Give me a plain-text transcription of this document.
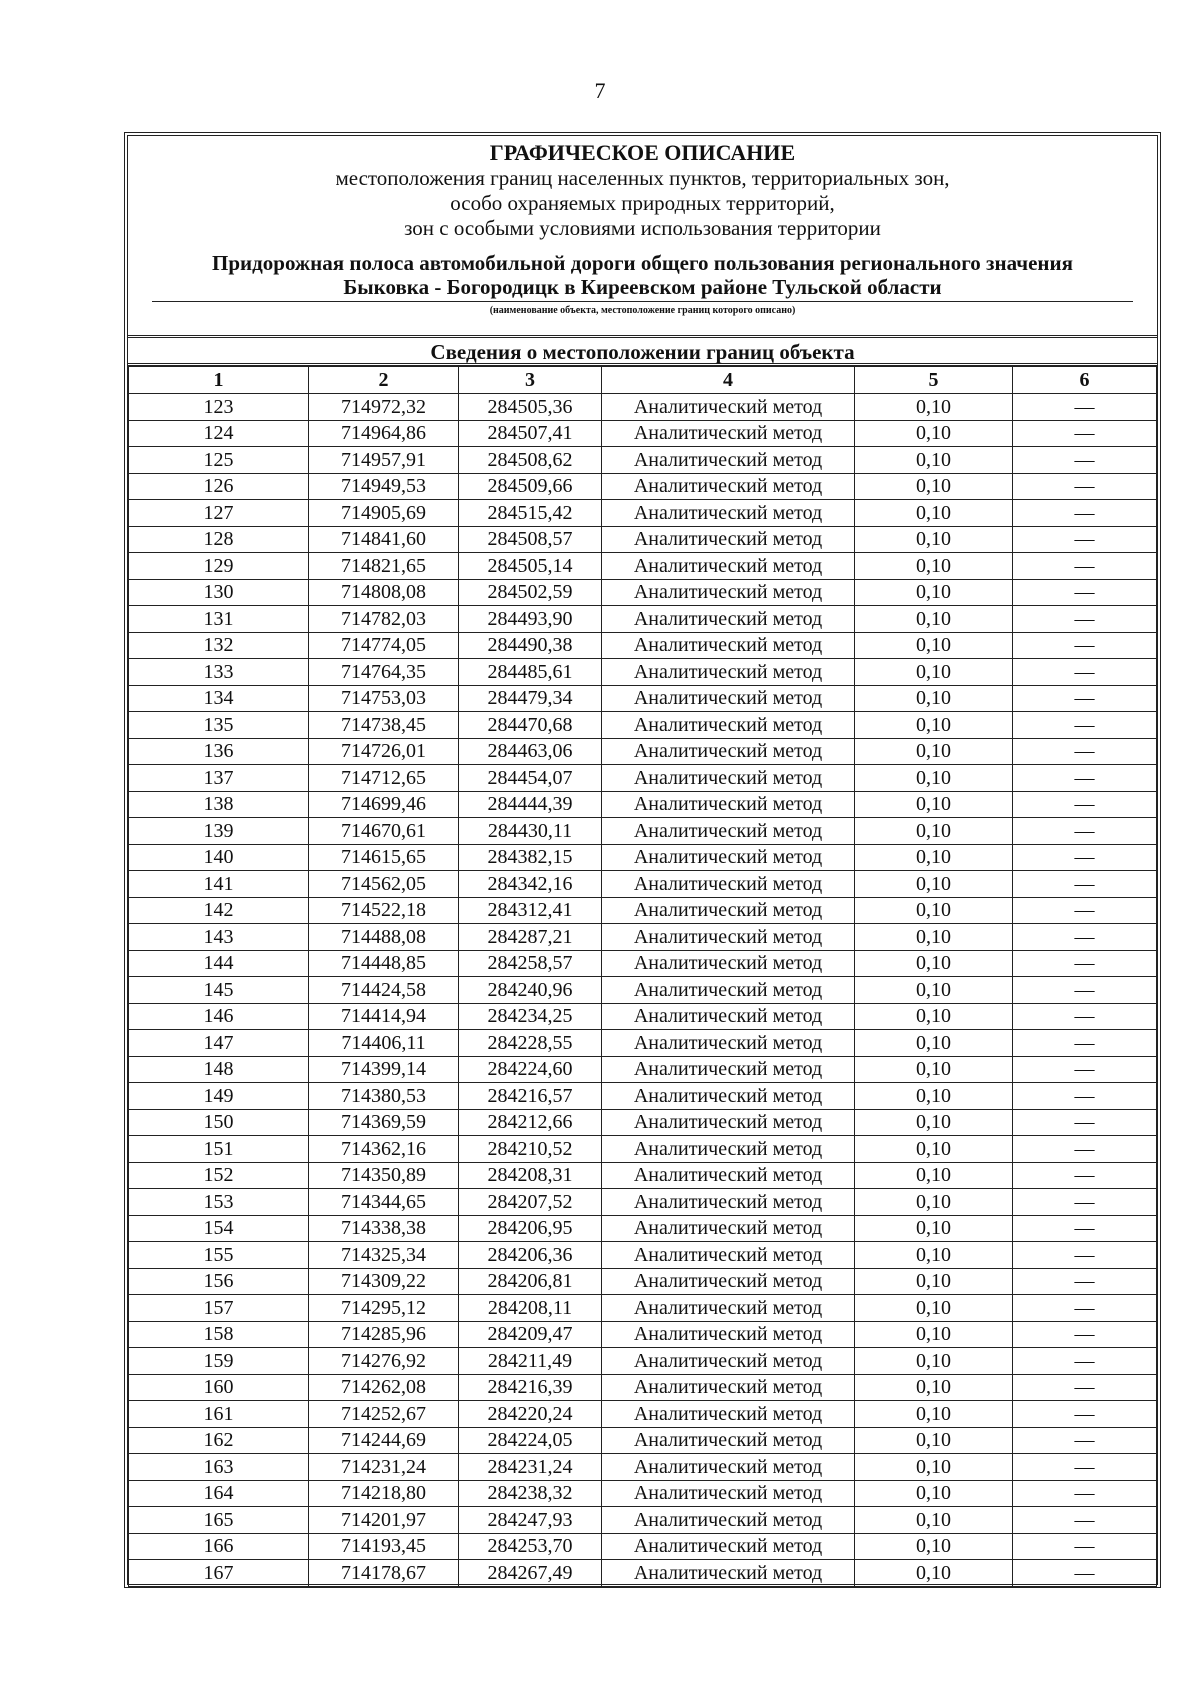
7
ГРАФИЧЕСКОЕ ОПИСАНИЕ
местоположения границ населенных пунктов, территориальных зон,
особо охраняемых природных территорий,
зон с особыми условиями использования территории
Придорожная полоса автомобильной дороги общего пользования регионального значения
Быковка - Богородицк в Киреевском районе Тульской области
(наименование объекта, местоположение границ которого описано)
Сведения о местоположении границ объекта
1	2	3	4	5	6
123	714972,32	284505,36	Аналитический метод	0,10	—
124	714964,86	284507,41	Аналитический метод	0,10	—
125	714957,91	284508,62	Аналитический метод	0,10	—
126	714949,53	284509,66	Аналитический метод	0,10	—
127	714905,69	284515,42	Аналитический метод	0,10	—
128	714841,60	284508,57	Аналитический метод	0,10	—
129	714821,65	284505,14	Аналитический метод	0,10	—
130	714808,08	284502,59	Аналитический метод	0,10	—
131	714782,03	284493,90	Аналитический метод	0,10	—
132	714774,05	284490,38	Аналитический метод	0,10	—
133	714764,35	284485,61	Аналитический метод	0,10	—
134	714753,03	284479,34	Аналитический метод	0,10	—
135	714738,45	284470,68	Аналитический метод	0,10	—
136	714726,01	284463,06	Аналитический метод	0,10	—
137	714712,65	284454,07	Аналитический метод	0,10	—
138	714699,46	284444,39	Аналитический метод	0,10	—
139	714670,61	284430,11	Аналитический метод	0,10	—
140	714615,65	284382,15	Аналитический метод	0,10	—
141	714562,05	284342,16	Аналитический метод	0,10	—
142	714522,18	284312,41	Аналитический метод	0,10	—
143	714488,08	284287,21	Аналитический метод	0,10	—
144	714448,85	284258,57	Аналитический метод	0,10	—
145	714424,58	284240,96	Аналитический метод	0,10	—
146	714414,94	284234,25	Аналитический метод	0,10	—
147	714406,11	284228,55	Аналитический метод	0,10	—
148	714399,14	284224,60	Аналитический метод	0,10	—
149	714380,53	284216,57	Аналитический метод	0,10	—
150	714369,59	284212,66	Аналитический метод	0,10	—
151	714362,16	284210,52	Аналитический метод	0,10	—
152	714350,89	284208,31	Аналитический метод	0,10	—
153	714344,65	284207,52	Аналитический метод	0,10	—
154	714338,38	284206,95	Аналитический метод	0,10	—
155	714325,34	284206,36	Аналитический метод	0,10	—
156	714309,22	284206,81	Аналитический метод	0,10	—
157	714295,12	284208,11	Аналитический метод	0,10	—
158	714285,96	284209,47	Аналитический метод	0,10	—
159	714276,92	284211,49	Аналитический метод	0,10	—
160	714262,08	284216,39	Аналитический метод	0,10	—
161	714252,67	284220,24	Аналитический метод	0,10	—
162	714244,69	284224,05	Аналитический метод	0,10	—
163	714231,24	284231,24	Аналитический метод	0,10	—
164	714218,80	284238,32	Аналитический метод	0,10	—
165	714201,97	284247,93	Аналитический метод	0,10	—
166	714193,45	284253,70	Аналитический метод	0,10	—
167	714178,67	284267,49	Аналитический метод	0,10	—
